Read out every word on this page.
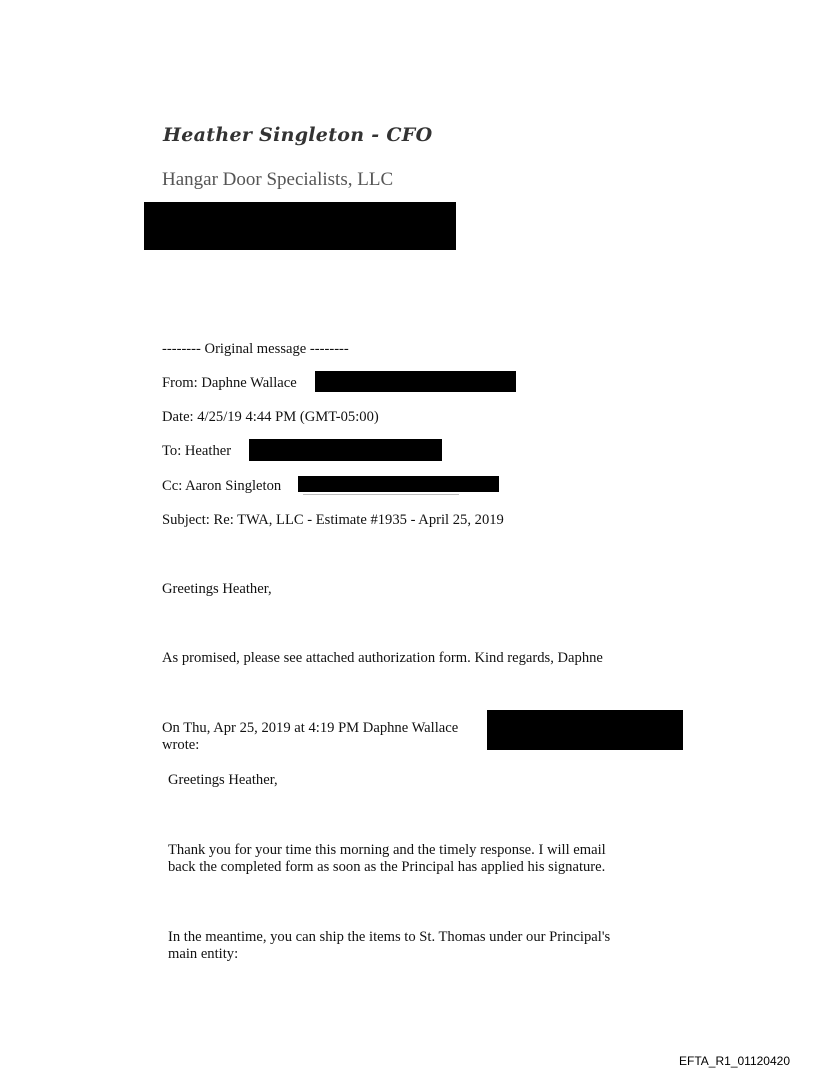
Heather Singleton - CFO
Hangar Door Specialists, LLC
-------- Original message --------
From: Daphne Wallace
Date: 4/25/19 4:44 PM (GMT-05:00)
To: Heather
Cc: Aaron Singleton
Subject: Re: TWA, LLC - Estimate #1935 - April 25, 2019
Greetings Heather,
As promised, please see attached authorization form. Kind regards, Daphne
On Thu, Apr 25, 2019 at 4:19 PM Daphne Wallace
wrote:
Greetings Heather,
Thank you for your time this morning and the timely response. I will email
back the completed form as soon as the Principal has applied his signature.
In the meantime, you can ship the items to St. Thomas under our Principal's
main entity:
EFTA_R1_01120420
